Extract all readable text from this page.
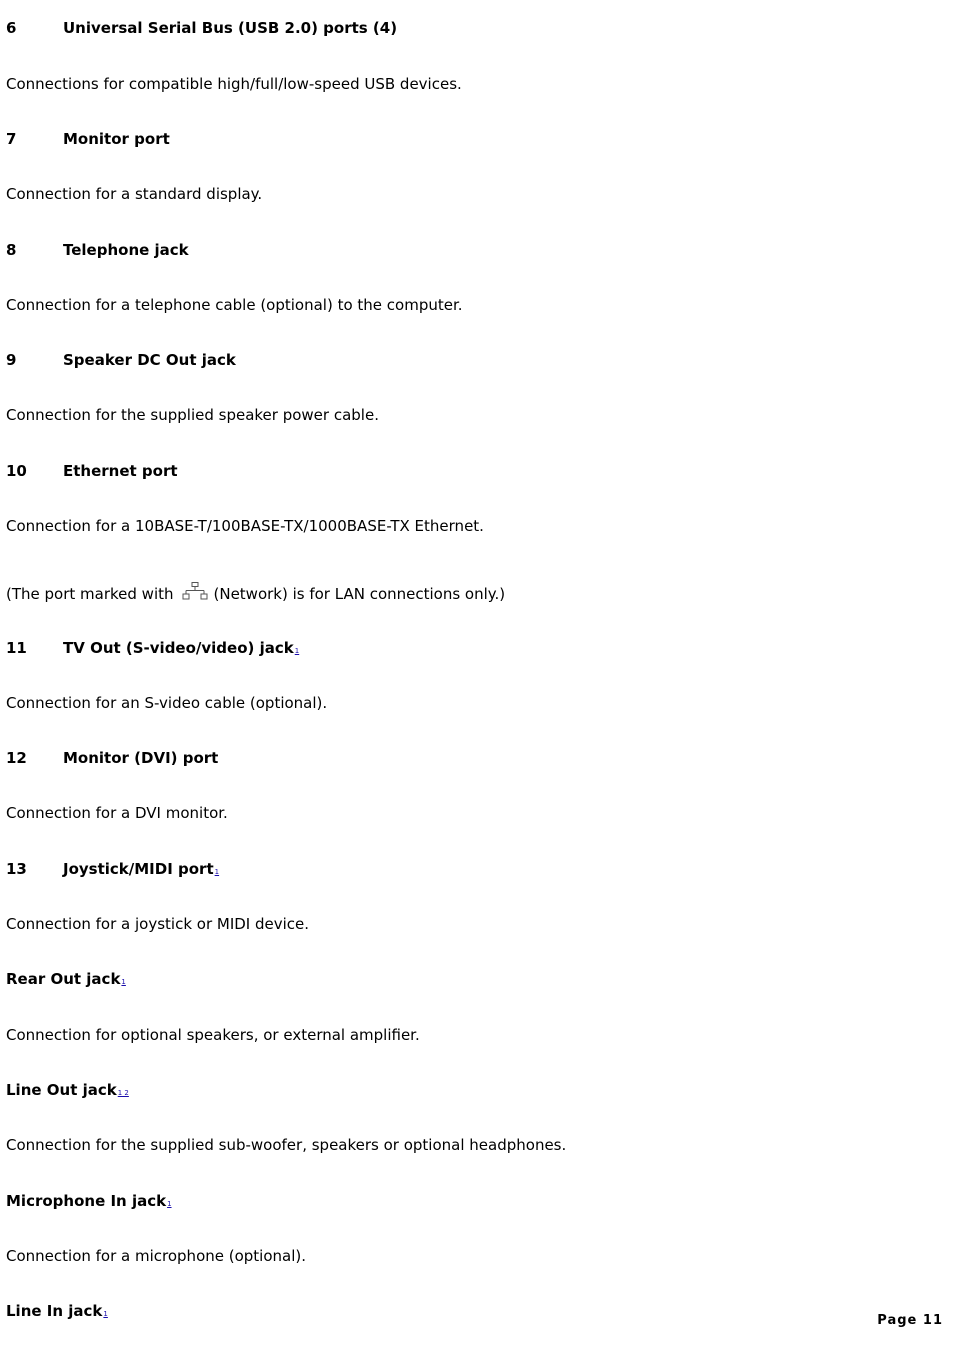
6	Universal Serial Bus (USB 2.0) ports (4)
Connections for compatible high/full/low-speed USB devices.
7	Monitor port
Connection for a standard display.
8	Telephone jack
Connection for a telephone cable (optional) to the computer.
9	Speaker DC Out jack
Connection for the supplied speaker power cable.
10 Ethernet port
Connection for a 10BASE-T/100BASE-TX/1000BASE-TX Ethernet.
(The port marked with	(Network) is for LAN connections only.)
11 TV Out (S-video/video) jack1
Connection for an S-video cable (optional).
12 Monitor (DVI) port
Connection for a DVI monitor.
13 Joystick/MIDI port1
Connection for a joystick or MIDI device.
Rear Out jack1
Connection for optional speakers, or external amplifier.
Line Out jack1 2
Connection for the supplied sub-woofer, speakers or optional headphones.
Microphone In jack1
Connection for a microphone (optional).
Line In jack1	Page 11
